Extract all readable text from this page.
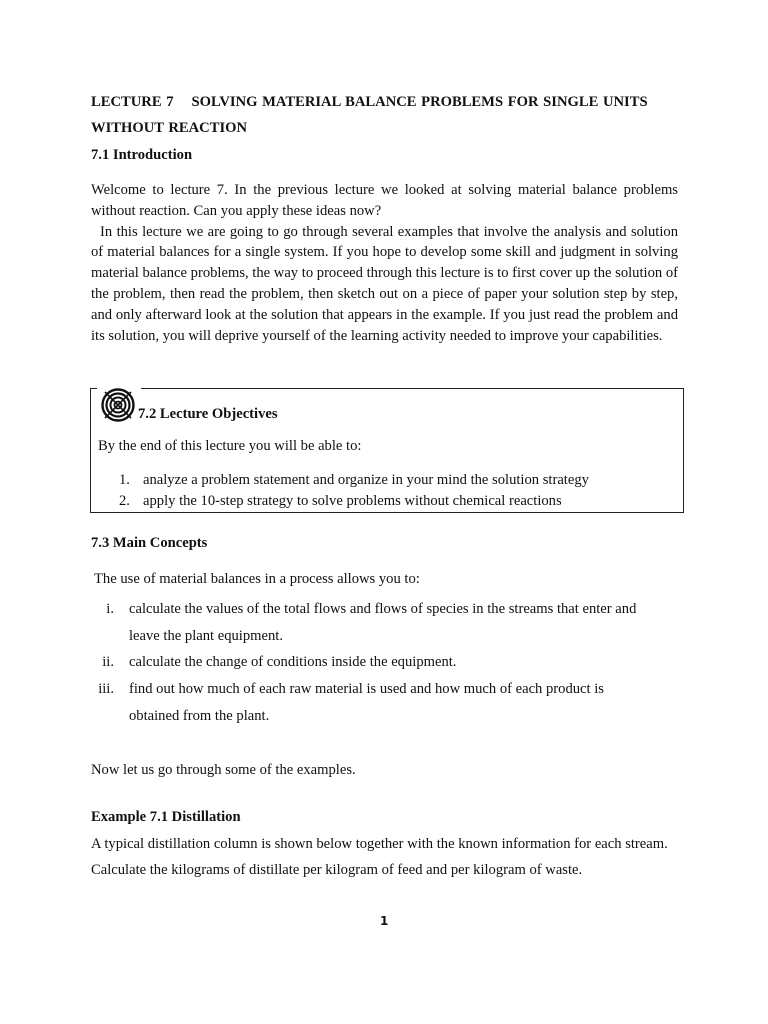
LECTURE 7 SOLVING MATERIAL BALANCE PROBLEMS FOR SINGLE UNITS
WITHOUT REACTION
7.1 Introduction

Welcome to lecture 7. In the previous lecture we looked at solving material balance problems without reaction. Can you apply these ideas now?

In this lecture we are going to go through several examples that involve the analysis and solution of material balances for a single system. If you hope to develop some skill and judgment in solving material balance problems, the way to proceed through this lecture is to first cover up the solution of the problem, then read the problem, then sketch out on a piece of paper your solution step by step, and only afterward look at the solution that appears in the example. If you just read the problem and its solution, you will deprive yourself of the learning activity needed to improve your capabilities.

7.2 Lecture Objectives
By the end of this lecture you will be able to:
1. analyze a problem statement and organize in your mind the solution strategy
2. apply the 10-step strategy to solve problems without chemical reactions
7.3 Main Concepts
The use of material balances in a process allows you to:
i. calculate the values of the total flows and flows of species in the streams that enter and
leave the plant equipment.
ii. calculate the change of conditions inside the equipment.
iii. find out how much of each raw material is used and how much of each product is
obtained from the plant.
Now let us go through some of the examples.
Example 7.1 Distillation
A typical distillation column is shown below together with the known information for each stream.
Calculate the kilograms of distillate per kilogram of feed and per kilogram of waste.
1
